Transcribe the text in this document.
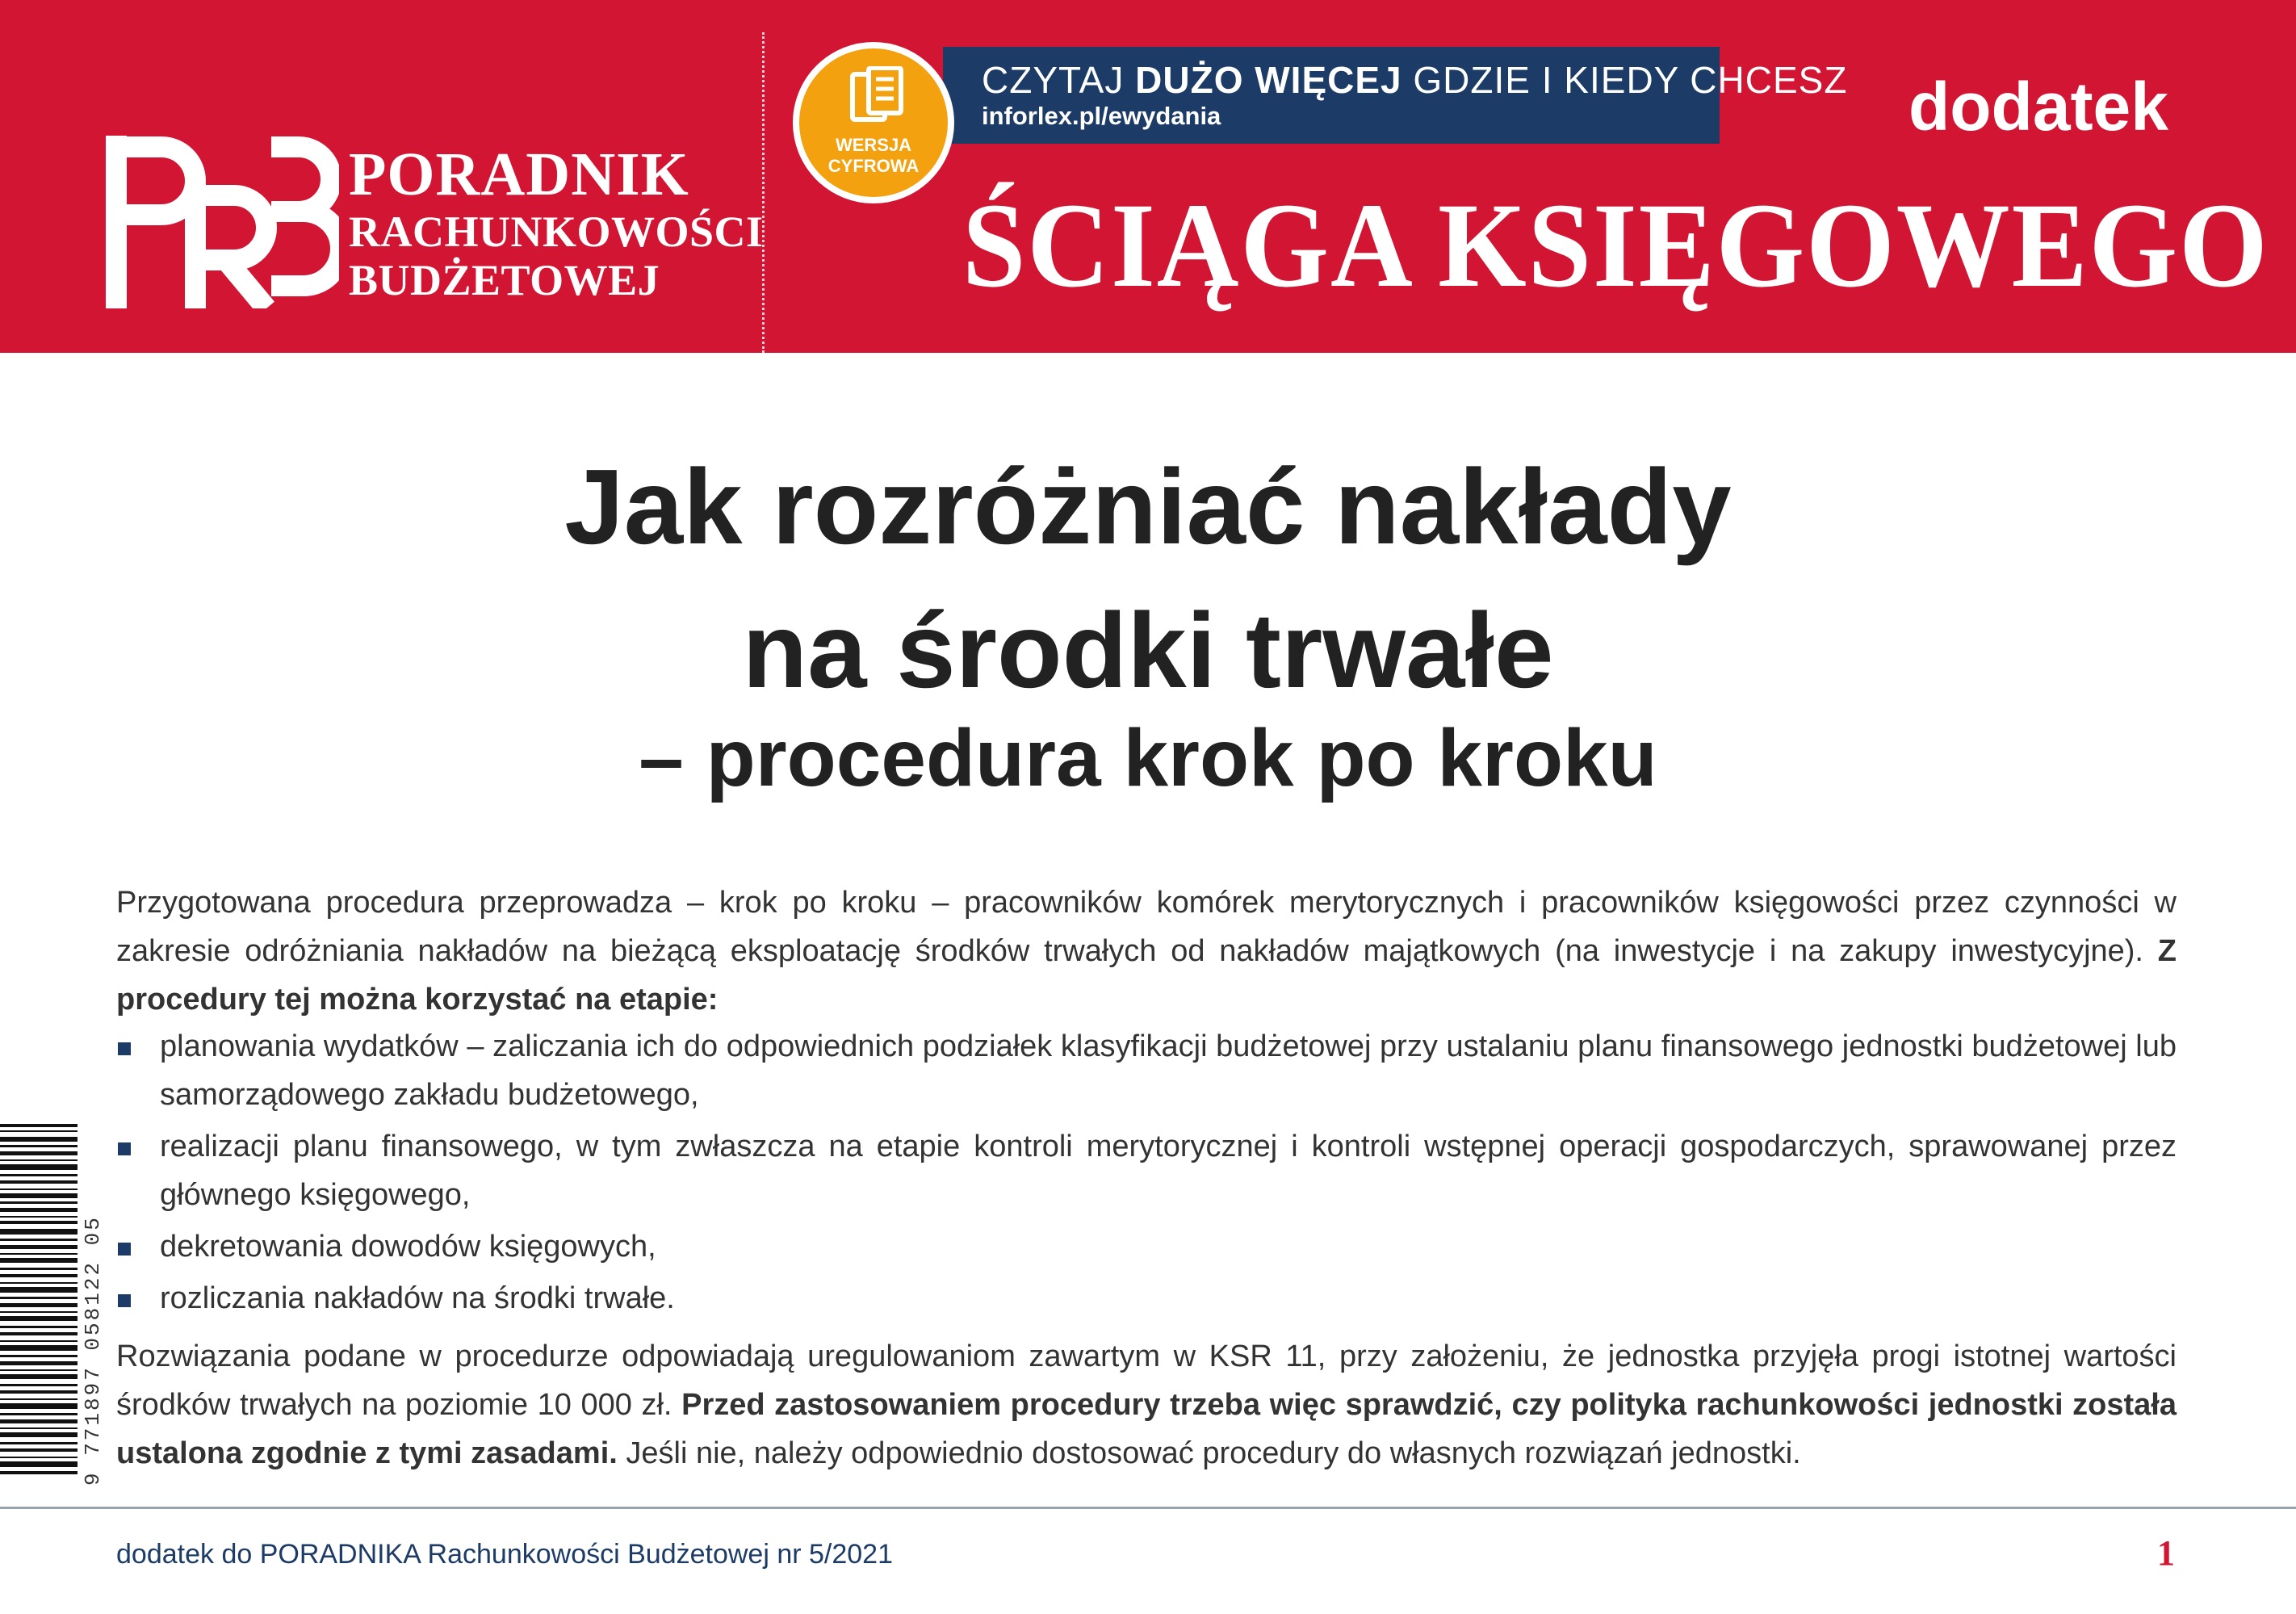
PORADNIK
RACHUNKOWOŚCI
BUDŻETOWEJ
CZYTAJ DUŻO WIĘCEJ GDZIE I KIEDY CHCESZ
inforlex.pl/ewydania
WERSJA
CYFROWA
dodatek
ŚCIĄGA KSIĘGOWEGO
Jak rozróżniać nakłady
na środki trwałe
– procedura krok po kroku
Przygotowana procedura przeprowadza – krok po kroku – pracowników komórek merytorycznych i pracowników księgowości przez czynności w zakresie odróżniania nakładów na bieżącą eksploatację środków trwałych od nakładów majątkowych (na inwestycje i na zakupy inwestycyjne). Z procedury tej można korzystać na etapie:
planowania wydatków – zaliczania ich do odpowiednich podziałek klasyfikacji budżetowej przy ustalaniu planu finansowego jednostki budżetowej lub samorządowego zakładu budżetowego,
realizacji planu finansowego, w tym zwłaszcza na etapie kontroli merytorycznej i kontroli wstępnej operacji gospodarczych, sprawowanej przez głównego księgowego,
dekretowania dowodów księgowych,
rozliczania nakładów na środki trwałe.
Rozwiązania podane w procedurze odpowiadają uregulowaniom zawartym w KSR 11, przy założeniu, że jednostka przyjęła progi istotnej wartości środków trwałych na poziomie 10 000 zł. Przed zastosowaniem procedury trzeba więc sprawdzić, czy polityka rachunkowości jednostki została ustalona zgodnie z tymi zasadami. Jeśli nie, należy odpowiednio dostosować procedury do własnych rozwiązań jednostki.
9 771897 058122 05
dodatek do PORADNIKA Rachunkowości Budżetowej nr 5/2021	1
